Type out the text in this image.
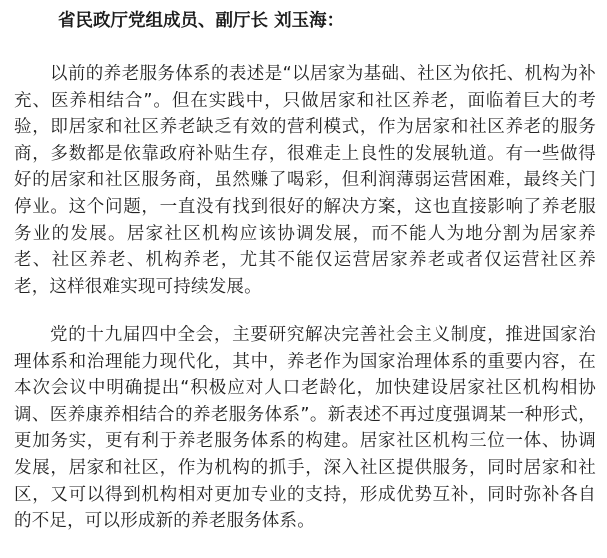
省民政厅党组成员、副厅长 刘玉海：

以前的养老服务体系的表述是“以居家为基础、社区为依托、机构为补充、医养相结合”。但在实践中，只做居家和社区养老，面临着巨大的考验，即居家和社区养老缺乏有效的营利模式，作为居家和社区养老的服务商，多数都是依靠政府补贴生存，很难走上良性的发展轨道。有一些做得好的居家和社区服务商，虽然赚了喝彩，但利润薄弱运营困难，最终关门停业。这个问题，一直没有找到很好的解决方案，这也直接影响了养老服务业的发展。居家社区机构应该协调发展，而不能人为地分割为居家养老、社区养老、机构养老，尤其不能仅运营居家养老或者仅运营社区养老，这样很难实现可持续发展。

党的十九届四中全会，主要研究解决完善社会主义制度，推进国家治理体系和治理能力现代化，其中，养老作为国家治理体系的重要内容，在本次会议中明确提出“积极应对人口老龄化，加快建设居家社区机构相协调、医养康养相结合的养老服务体系”。新表述不再过度强调某一种形式，更加务实，更有利于养老服务体系的构建。居家社区机构三位一体、协调发展，居家和社区，作为机构的抓手，深入社区提供服务，同时居家和社区，又可以得到机构相对更加专业的支持，形成优势互补，同时弥补各自的不足，可以形成新的养老服务体系。
